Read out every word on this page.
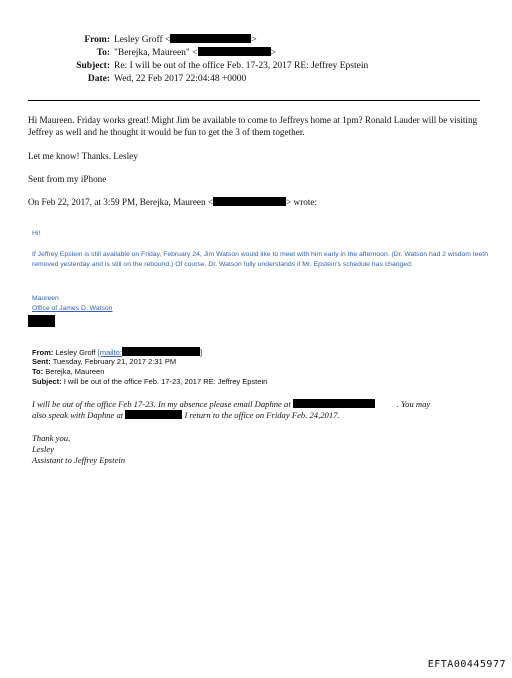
From: Lesley Groff <	>
To: "Berejka, Maureen" <	>
Subject: Re: I will be out of the office Feb. 17-23, 2017 RE: Jeffrey Epstein
Date: Wed, 22 Feb 2017 22:04:48 +0000
Hi Maureen. Friday works great! Might Jim be available to come to Jeffreys home at 1pm? Ronald Lauder will be visiting Jeffrey as well and he thought it would be fun to get the 3 of them together.
Let me know! Thanks. Lesley
Sent from my iPhone
On Feb 22, 2017, at 3:59 PM, Berejka, Maureen <	> wrote:
Hi!
If Jeffrey Epstein is still available on Friday, February 24, Jim Watson would like to meet with him early in the afternoon. (Dr. Watson had 2 wisdom teeth removed yesterday and is still on the rebound.) Of course, Dr. Watson fully understands if Mr. Epstein's schedule has changed.
Maureen
Office of James D. Watson
From: Lesley Groff [mailto:	]
Sent: Tuesday, February 21, 2017 2:31 PM
To: Berejka, Maureen
Subject: I will be out of the office Feb. 17-23, 2017 RE: Jeffrey Epstein
I will be out of the office Feb 17-23. In my absence please email Daphne at	. You may
also speak with Daphne at	I return to the office on Friday Feb. 24,2017.
Thank you,
Lesley
Assistant to Jeffrey Epstein
EFTA00445977
